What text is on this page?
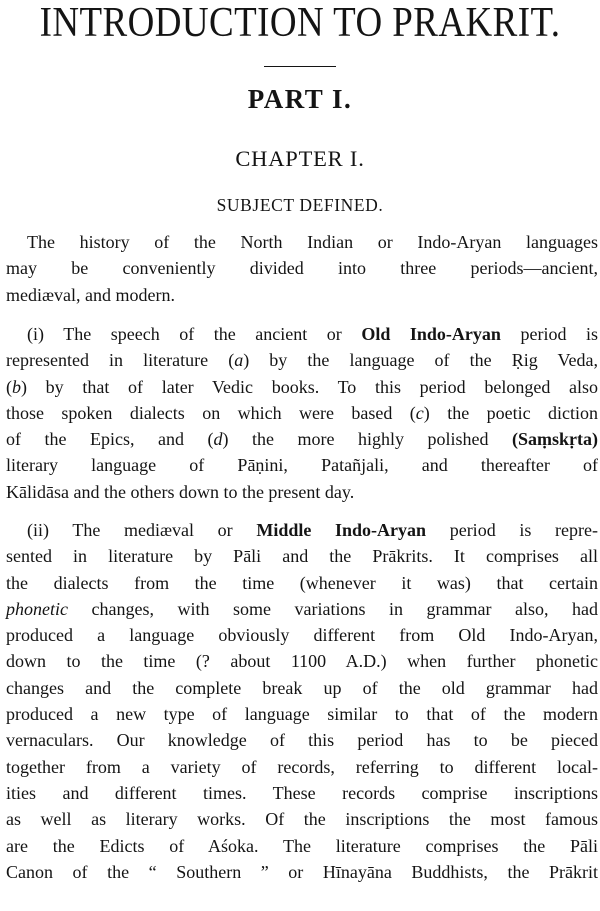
INTRODUCTION TO PRAKRIT.
PART I.
CHAPTER I.
SUBJECT DEFINED.
The history of the North Indian or Indo-Aryan languages
may be conveniently divided into three periods—ancient,
mediæval, and modern.
(i) The speech of the ancient or Old Indo-Aryan period is
represented in literature (a) by the language of the Ṛig Veda,
(b) by that of later Vedic books. To this period belonged also
those spoken dialects on which were based (c) the poetic diction
of the Epics, and (d) the more highly polished (Saṃskṛta)
literary language of Pāṇini, Patañjali, and thereafter of
Kālidāsa and the others down to the present day.
(ii) The mediæval or Middle Indo-Aryan period is repre-
sented in literature by Pāli and the Prākrits. It comprises all
the dialects from the time (whenever it was) that certain
phonetic changes, with some variations in grammar also, had
produced a language obviously different from Old Indo-Aryan,
down to the time (? about 1100 A.D.) when further phonetic
changes and the complete break up of the old grammar had
produced a new type of language similar to that of the modern
vernaculars. Our knowledge of this period has to be pieced
together from a variety of records, referring to different local-
ities and different times. These records comprise inscriptions
as well as literary works. Of the inscriptions the most famous
are the Edicts of Aśoka. The literature comprises the Pāli
Canon of the “ Southern ” or Hīnayāna Buddhists, the Prākrit
